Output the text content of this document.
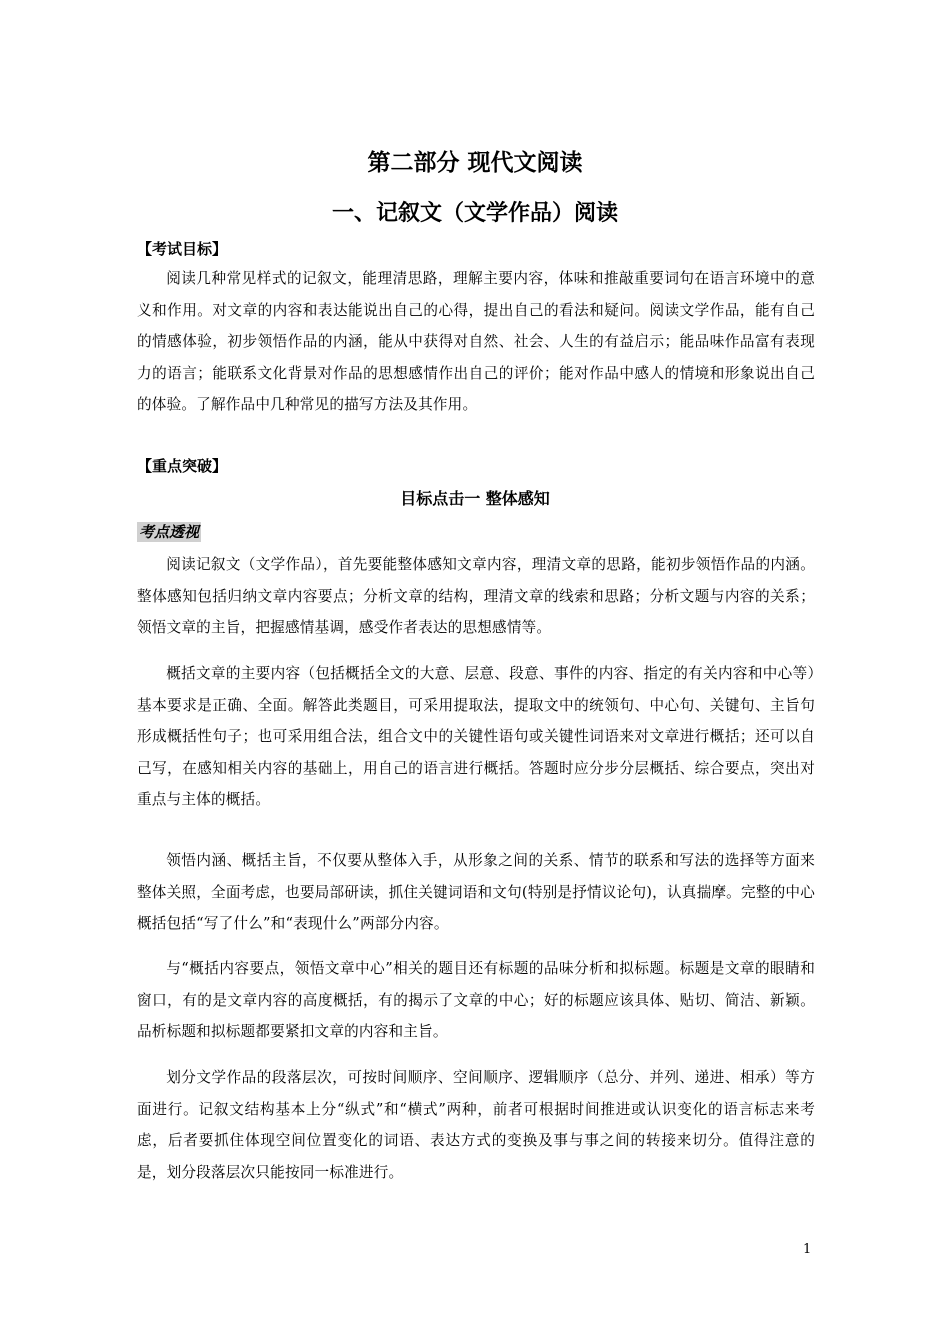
第二部分 现代文阅读
一、记叙文（文学作品）阅读
【考试目标】

阅读几种常见样式的记叙文，能理清思路，理解主要内容，体味和推敲重要词句在语言环境中的意义和作用。对文章的内容和表达能说出自己的心得，提出自己的看法和疑问。阅读文学作品，能有自己的情感体验，初步领悟作品的内涵，能从中获得对自然、社会、人生的有益启示；能品味作品富有表现力的语言；能联系文化背景对作品的思想感情作出自己的评价；能对作品中感人的情境和形象说出自己的体验。了解作品中几种常见的描写方法及其作用。

【重点突破】
目标点击一 整体感知
考点透视

阅读记叙文（文学作品），首先要能整体感知文章内容，理清文章的思路，能初步领悟作品的内涵。整体感知包括归纳文章内容要点；分析文章的结构，理清文章的线索和思路；分析文题与内容的关系；领悟文章的主旨，把握感情基调，感受作者表达的思想感情等。

概括文章的主要内容（包括概括全文的大意、层意、段意、事件的内容、指定的有关内容和中心等）基本要求是正确、全面。解答此类题目，可采用提取法，提取文中的统领句、中心句、关键句、主旨句形成概括性句子；也可采用组合法，组合文中的关键性语句或关键性词语来对文章进行概括；还可以自己写，在感知相关内容的基础上，用自己的语言进行概括。答题时应分步分层概括、综合要点，突出对重点与主体的概括。

领悟内涵、概括主旨，不仅要从整体入手，从形象之间的关系、情节的联系和写法的选择等方面来整体关照，全面考虑，也要局部研读，抓住关键词语和文句(特别是抒情议论句)，认真揣摩。完整的中心概括包括“写了什么”和“表现什么”两部分内容。

与“概括内容要点，领悟文章中心”相关的题目还有标题的品味分析和拟标题。标题是文章的眼睛和窗口，有的是文章内容的高度概括，有的揭示了文章的中心；好的标题应该具体、贴切、简洁、新颖。品析标题和拟标题都要紧扣文章的内容和主旨。

划分文学作品的段落层次，可按时间顺序、空间顺序、逻辑顺序（总分、并列、递进、相承）等方面进行。记叙文结构基本上分“纵式”和“横式”两种，前者可根据时间推进或认识变化的语言标志来考虑，后者要抓住体现空间位置变化的词语、表达方式的变换及事与事之间的转接来切分。值得注意的是，划分段落层次只能按同一标准进行。

1
